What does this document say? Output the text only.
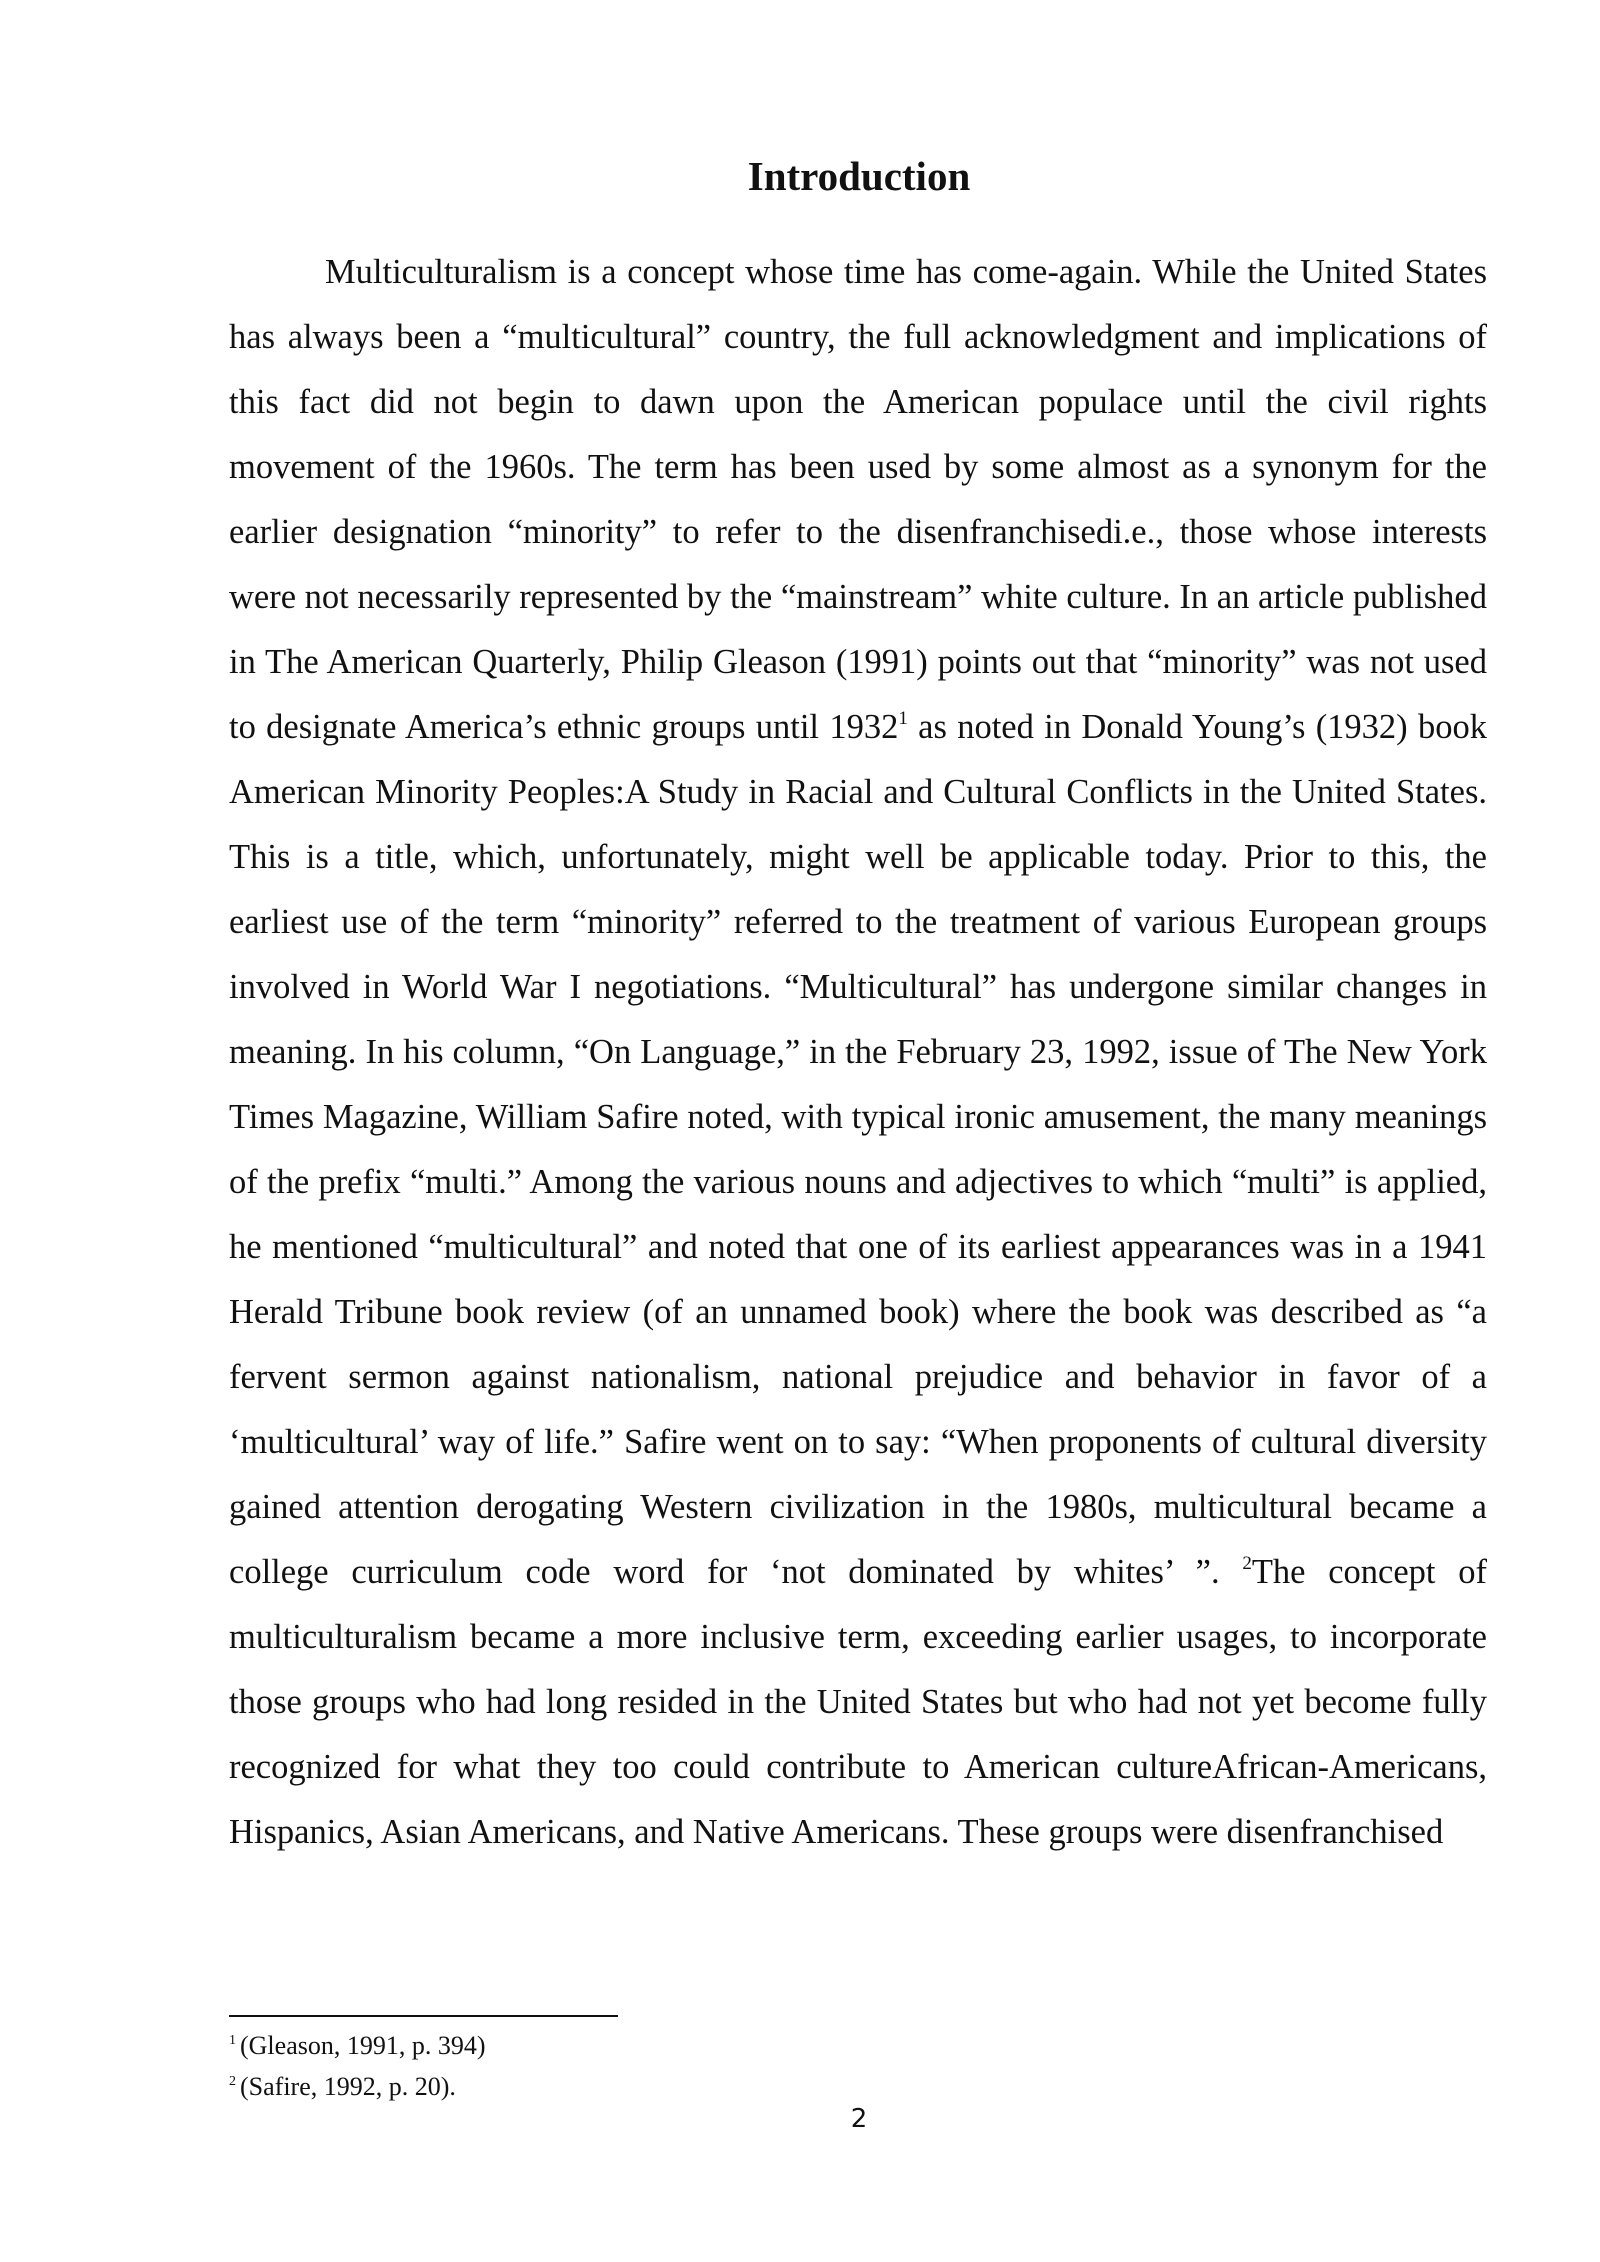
Introduction

Multiculturalism is a concept whose time has come-again. While the United States has always been a “multicultural” country, the full acknowledgment and implications of this fact did not begin to dawn upon the American populace until the civil rights movement of the 1960s. The term has been used by some almost as a synonym for the earlier designation “minority” to refer to the disenfranchisedi.e., those whose interests were not necessarily represented by the “mainstream” white culture. In an article published in The American Quarterly, Philip Gleason (1991) points out that “minority” was not used to designate America’s ethnic groups until 1932$^1$ as noted in Donald Young’s (1932) book American Minority Peoples:A Study in Racial and Cultural Conflicts in the United States. This is a title, which, unfortunately, might well be applicable today. Prior to this, the earliest use of the term “minority” referred to the treatment of various European groups involved in World War I negotiations. “Multicultural” has undergone similar changes in meaning. In his column, “On Language,” in the February 23, 1992, issue of The New York Times Magazine, William Safire noted, with typical ironic amusement, the many meanings of the prefix “multi.” Among the various nouns and adjectives to which “multi” is applied, he mentioned “multicultural” and noted that one of its earliest appearances was in a 1941 Herald Tribune book review (of an unnamed book) where the book was described as “a fervent sermon against nationalism, national prejudice and behavior in favor of a ‘multicultural’ way of life.” Safire went on to say: “When proponents of cultural diversity gained attention derogating Western civilization in the 1980s, multicultural became a college curriculum code word for ‘not dominated by whites’ ”. $^2$The concept of multiculturalism became a more inclusive term, exceeding earlier usages, to incorporate those groups who had long resided in the United States but who had not yet become fully recognized for what they too could contribute to American cultureAfrican-Americans, Hispanics, Asian Americans, and Native Americans. These groups were disenfranchised

$^1$ (Gleason, 1991, p. 394)
$^2$ (Safire, 1992, p. 20).
2
